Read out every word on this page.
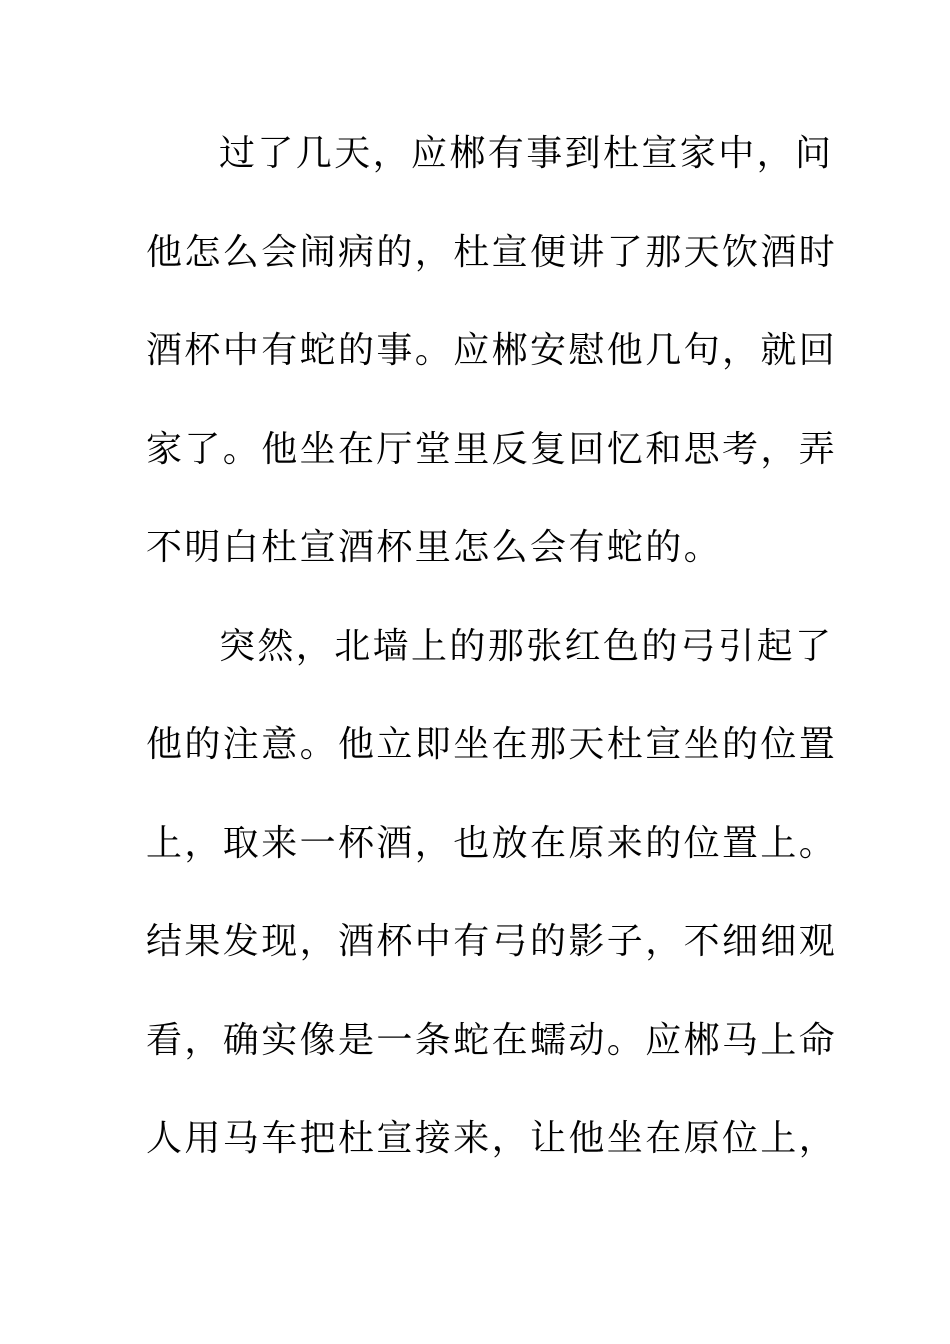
过了几天，应郴有事到杜宣家中，问
他怎么会闹病的，杜宣便讲了那天饮酒时
酒杯中有蛇的事。应郴安慰他几句，就回
家了。他坐在厅堂里反复回忆和思考，弄
不明白杜宣酒杯里怎么会有蛇的。
突然，北墙上的那张红色的弓引起了
他的注意。他立即坐在那天杜宣坐的位置
上，取来一杯酒，也放在原来的位置上。
结果发现，酒杯中有弓的影子，不细细观
看，确实像是一条蛇在蠕动。应郴马上命
人用马车把杜宣接来，让他坐在原位上，
